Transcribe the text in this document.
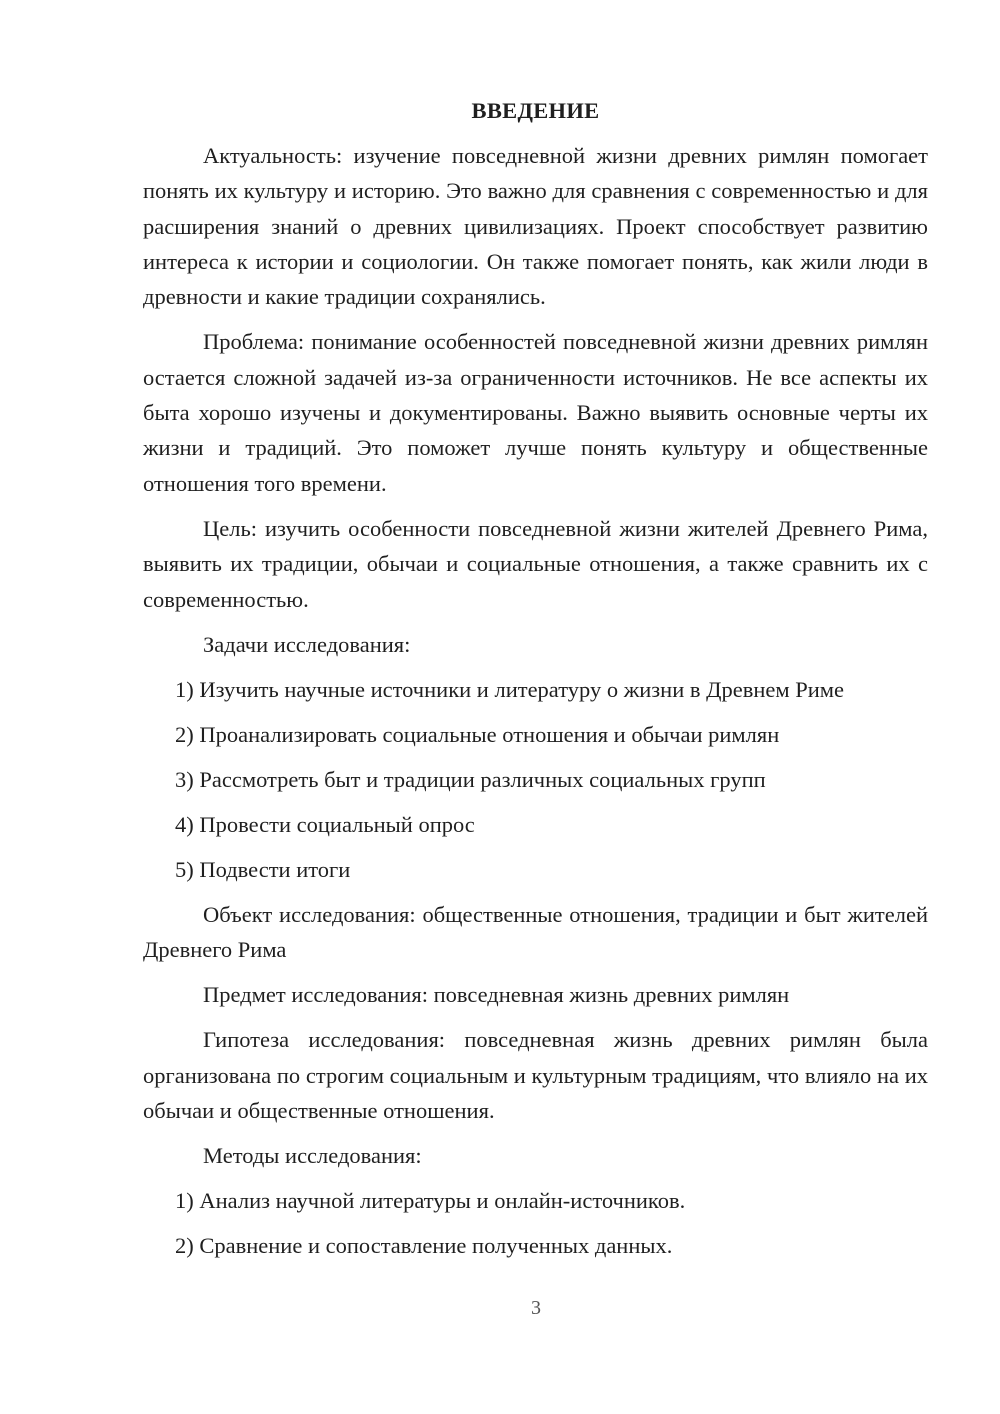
ВВЕДЕНИЕ

Актуальность: изучение повседневной жизни древних римлян помогает понять их культуру и историю. Это важно для сравнения с современностью и для расширения знаний о древних цивилизациях. Проект способствует развитию интереса к истории и социологии. Он также помогает понять, как жили люди в древности и какие традиции сохранялись.

Проблема: понимание особенностей повседневной жизни древних римлян остается сложной задачей из-за ограниченности источников. Не все аспекты их быта хорошо изучены и документированы. Важно выявить основные черты их жизни и традиций. Это поможет лучше понять культуру и общественные отношения того времени.

Цель: изучить особенности повседневной жизни жителей Древнего Рима, выявить их традиции, обычаи и социальные отношения, а также сравнить их с современностью.

Задачи исследования:

1) Изучить научные источники и литературу о жизни в Древнем Риме

2) Проанализировать социальные отношения и обычаи римлян

3) Рассмотреть быт и традиции различных социальных групп

4) Провести социальный опрос

5) Подвести итоги

Объект исследования: общественные отношения, традиции и быт жителей Древнего Рима

Предмет исследования: повседневная жизнь древних римлян

Гипотеза исследования: повседневная жизнь древних римлян была организована по строгим социальным и культурным традициям, что влияло на их обычаи и общественные отношения.

Методы исследования:

1) Анализ научной литературы и онлайн-источников.

2) Сравнение и сопоставление полученных данных.

3
